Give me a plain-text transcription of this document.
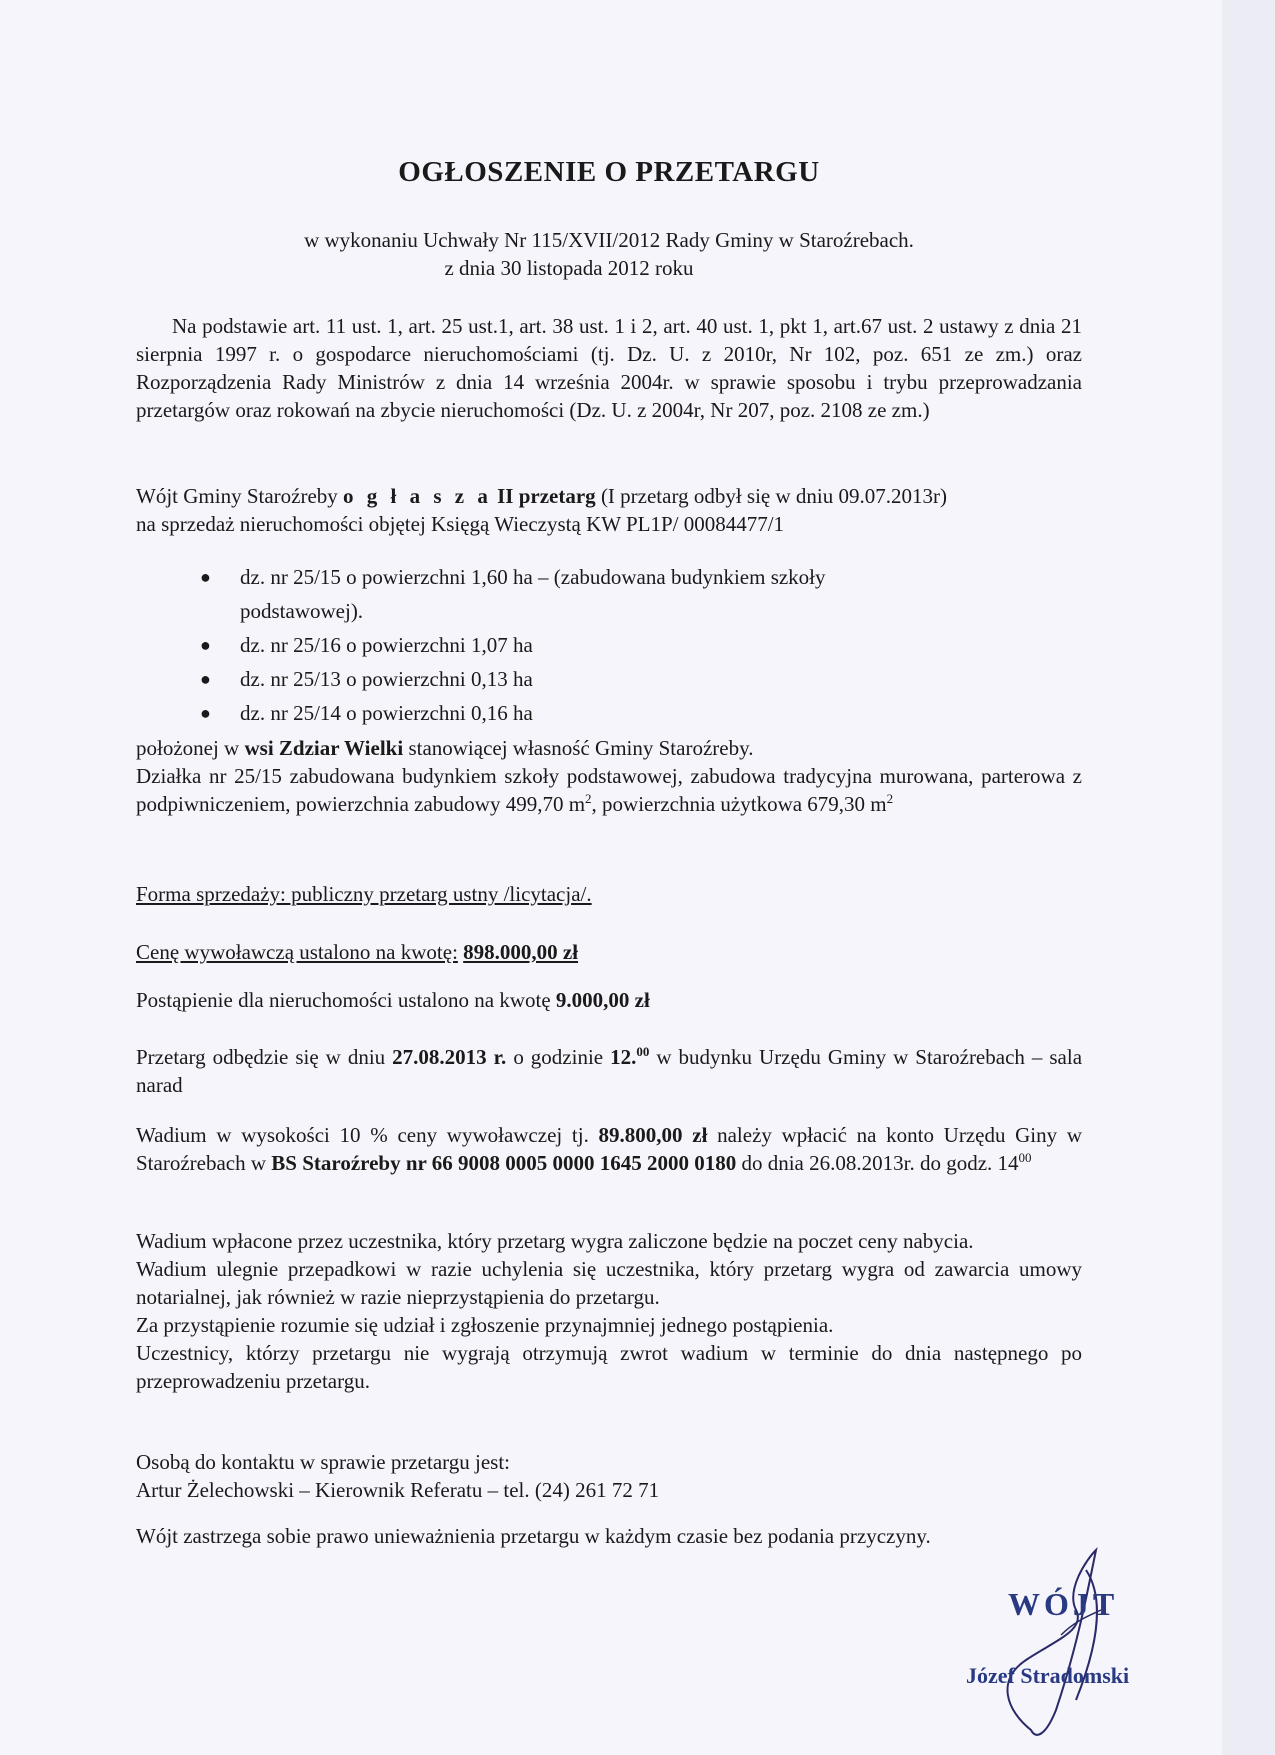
OGŁOSZENIE O PRZETARGU
w wykonaniu Uchwały Nr 115/XVII/2012 Rady Gminy w Staroźrebach.
z dnia 30 listopada 2012 roku
Na podstawie art. 11 ust. 1, art. 25 ust.1, art. 38 ust. 1 i 2, art. 40 ust. 1, pkt 1, art.67 ust. 2 ustawy z dnia 21 sierpnia 1997 r. o gospodarce nieruchomościami (tj. Dz. U. z 2010r, Nr 102, poz. 651 ze zm.) oraz Rozporządzenia Rady Ministrów z dnia 14 września 2004r. w sprawie sposobu i trybu przeprowadzania przetargów oraz rokowań na zbycie nieruchomości (Dz. U. z 2004r, Nr 207, poz. 2108 ze zm.)
Wójt Gminy Staroźreby o g ł a s z a II przetarg (I przetarg odbył się w dniu 09.07.2013r)
na sprzedaż nieruchomości objętej Księgą Wieczystą KW PL1P/ 00084477/1
● dz. nr 25/15 o powierzchni 1,60 ha – (zabudowana budynkiem szkoły podstawowej).
● dz. nr 25/16 o powierzchni 1,07 ha
● dz. nr 25/13 o powierzchni 0,13 ha
● dz. nr 25/14 o powierzchni 0,16 ha
położonej w wsi Zdziar Wielki stanowiącej własność Gminy Staroźreby.
Działka nr 25/15 zabudowana budynkiem szkoły podstawowej, zabudowa tradycyjna murowana, parterowa z podpiwniczeniem, powierzchnia zabudowy 499,70 $m^2$, powierzchnia użytkowa 679,30 $m^2$
Forma sprzedaży: publiczny przetarg ustny /licytacja/.
Cenę wywoławczą ustalono na kwotę: 898.000,00 zł
Postąpienie dla nieruchomości ustalono na kwotę 9.000,00 zł
Przetarg odbędzie się w dniu 27.08.2013 r. o godzinie 12.00 w budynku Urzędu Gminy w Staroźrebach – sala narad
Wadium w wysokości 10 % ceny wywoławczej tj. 89.800,00 zł należy wpłacić na konto Urzędu Giny w Staroźrebach w BS Staroźreby nr 66 9008 0005 0000 1645 2000 0180 do dnia 26.08.2013r. do godz. $14^{00}$
Wadium wpłacone przez uczestnika, który przetarg wygra zaliczone będzie na poczet ceny nabycia.
Wadium ulegnie przepadkowi w razie uchylenia się uczestnika, który przetarg wygra od zawarcia umowy notarialnej, jak również w razie nieprzystąpienia do przetargu.
Za przystąpienie rozumie się udział i zgłoszenie przynajmniej jednego postąpienia.
Uczestnicy, którzy przetargu nie wygrają otrzymują zwrot wadium w terminie do dnia następnego po przeprowadzeniu przetargu.
Osobą do kontaktu w sprawie przetargu jest:
Artur Żelechowski – Kierownik Referatu – tel. (24) 261 72 71
Wójt zastrzega sobie prawo unieważnienia przetargu w każdym czasie bez podania przyczyny.
WÓJT
Józef Stradomski
